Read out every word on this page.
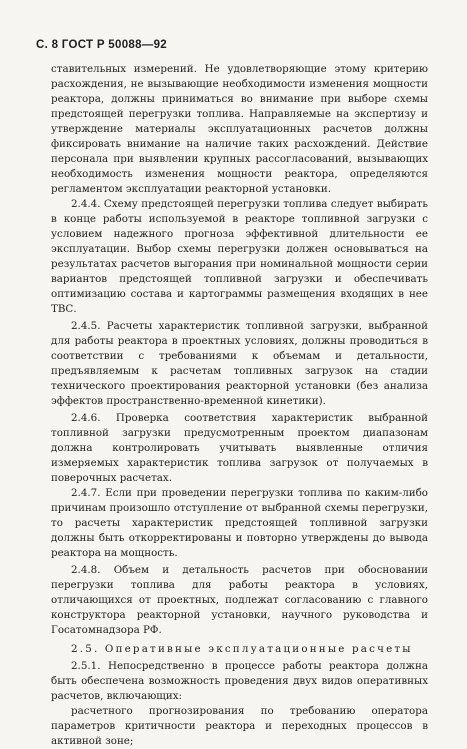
С. 8 ГОСТ Р 50088—92

ставительных измерений. Не удовлетворяющие этому критерию расхождения, не вызывающие необходимости изменения мощности реактора, должны приниматься во внимание при выборе схемы предстоящей перегрузки топлива. Направляемые на экспертизу и утверждение материалы эксплуатационных расчетов должны фиксировать внимание на наличие таких расхождений. Действие персонала при выявлении крупных рассогласований, вызывающих необходимость изменения мощности реактора, определяются регламентом эксплуатации реакторной установки.

2.4.4. Схему предстоящей перегрузки топлива следует выбирать в конце работы используемой в реакторе топливной загрузки с условием надежного прогноза эффективной длительности ее эксплуатации. Выбор схемы перегрузки должен основываться на результатах расчетов выгорания при номинальной мощности серии вариантов предстоящей топливной загрузки и обеспечивать оптимизацию состава и картограммы размещения входящих в нее ТВС.

2.4.5. Расчеты характеристик топливной загрузки, выбранной для работы реактора в проектных условиях, должны проводиться в соответствии с требованиями к объемам и детальности, предъявляемым к расчетам топливных загрузок на стадии технического проектирования реакторной установки (без анализа эффектов пространственно-временной кинетики).

2.4.6. Проверка соответствия характеристик выбранной топливной загрузки предусмотренным проектом диапазонам должна контролировать учитывать выявленные отличия измеряемых характеристик топлива загрузок от получаемых в поверочных расчетах.

2.4.7. Если при проведении перегрузки топлива по каким-либо причинам произошло отступление от выбранной схемы перегрузки, то расчеты характеристик предстоящей топливной загрузки должны быть откорректированы и повторно утверждены до вывода реактора на мощность.

2.4.8. Объем и детальность расчетов при обосновании перегрузки топлива для работы реактора в условиях, отличающихся от проектных, подлежат согласованию с главного конструктора реакторной установки, научного руководства и Госатомнадзора РФ.

2.5. Оперативные эксплуатационные расчеты

2.5.1. Непосредственно в процессе работы реактора должна быть обеспечена возможность проведения двух видов оперативных расчетов, включающих:

расчетного прогнозирования по требованию оператора параметров критичности реактора и переходных процессов в активной зоне;
